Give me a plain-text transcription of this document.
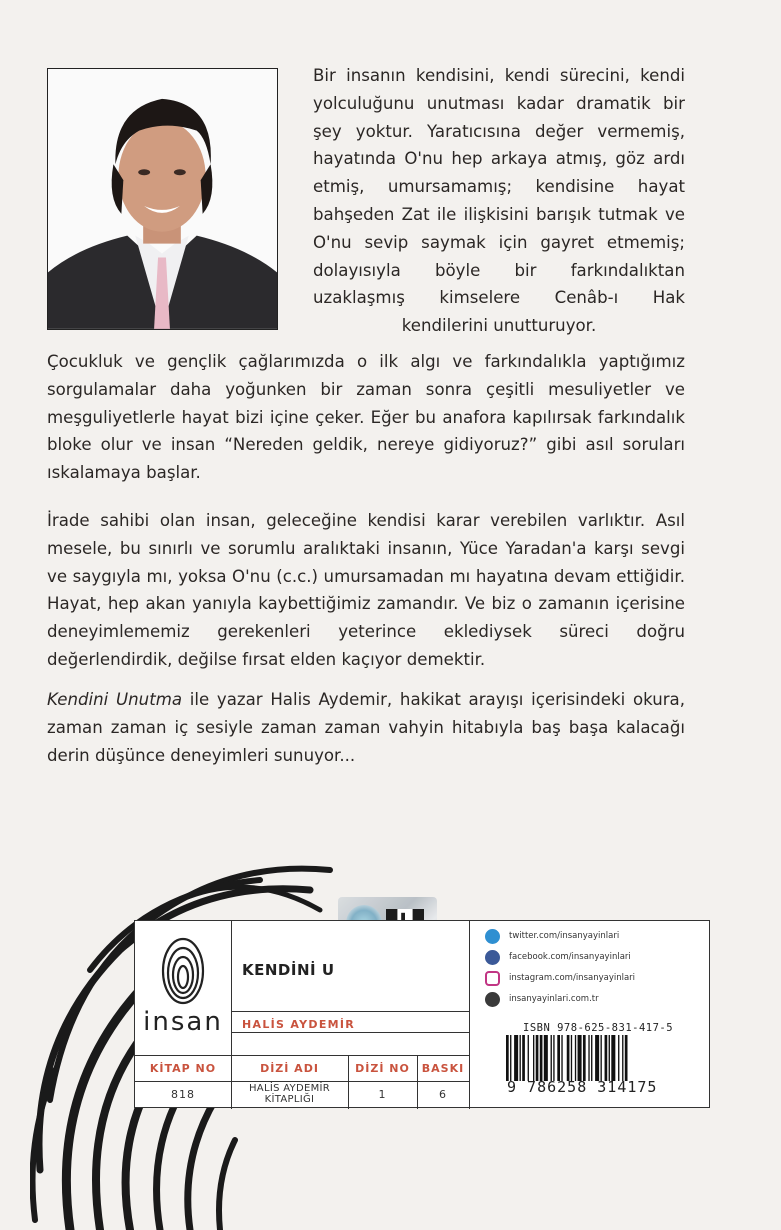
Bir insanın kendisini, kendi sürecini, kendi yolculuğunu unutması kadar dramatik bir şey yoktur. Yaratıcısına değer vermemiş, hayatında O'nu hep arkaya atmış, göz ardı etmiş, umursamamış; kendisine hayat bahşeden Zat ile ilişkisini barışık tutmak ve O'nu sevip saymak için gayret etmemiş; dolayısıyla böyle bir farkındalıktan uzaklaşmış kimselere Cenâb-ı Hak kendilerini unutturuyor.

Çocukluk ve gençlik çağlarımızda o ilk algı ve farkındalıkla yaptığımız sorgulamalar daha yoğunken bir zaman sonra çeşitli mesuliyetler ve meşguliyetlerle hayat bizi içine çeker. Eğer bu anafora kapılırsak farkındalık bloke olur ve insan “Nereden geldik, nereye gidiyoruz?” gibi asıl soruları ıskalamaya başlar.

İrade sahibi olan insan, geleceğine kendisi karar verebilen varlıktır. Asıl mesele, bu sınırlı ve sorumlu aralıktaki insanın, Yüce Yaradan'a karşı sevgi ve saygıyla mı, yoksa O'nu (c.c.) umursamadan mı hayatına devam ettiğidir. Hayat, hep akan yanıyla kaybettiğimiz zamandır. Ve biz o zamanın içerisine deneyimlememiz gerekenleri yeterince eklediysek süreci doğru değerlendirdik, değilse fırsat elden kaçıyor demektir.

Kendini Unutma ile yazar Halis Aydemir, hakikat arayışı içerisindeki okura, zaman zaman iç sesiyle zaman zaman vahyin hitabıyla baş başa kalacağı derin düşünce deneyimleri sunuyor...

insan
KENDİNİ U
HALİS AYDEMİR
KİTAP NO	DİZİ ADI	DİZİ NO	BASKI
818	HALİS AYDEMİR
KİTAPLIĞI	1	6
twitter.com/insanyayinlari
facebook.com/insanyayinlari
instagram.com/insanyayinlari
insanyayinlari.com.tr
ISBN 978-625-831-417-5
9 786258 314175
